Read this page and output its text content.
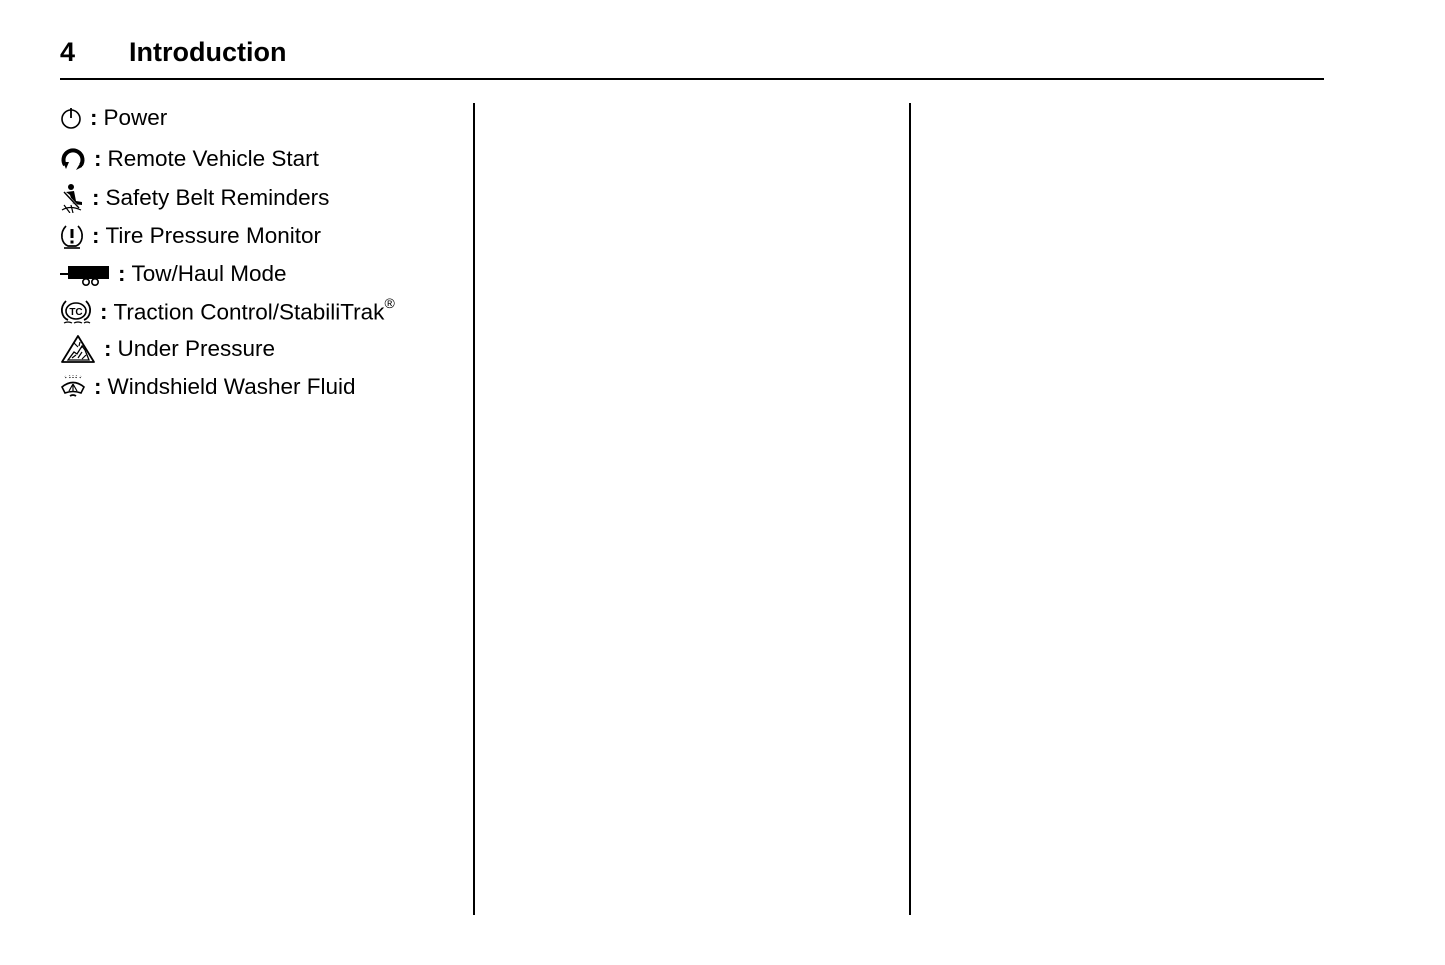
4 Introduction
: Power
: Remote Vehicle Start
: Safety Belt Reminders
: Tire Pressure Monitor
: Tow/Haul Mode
TC : Traction Control/StabiliTrak®
: Under Pressure
: Windshield Washer Fluid
